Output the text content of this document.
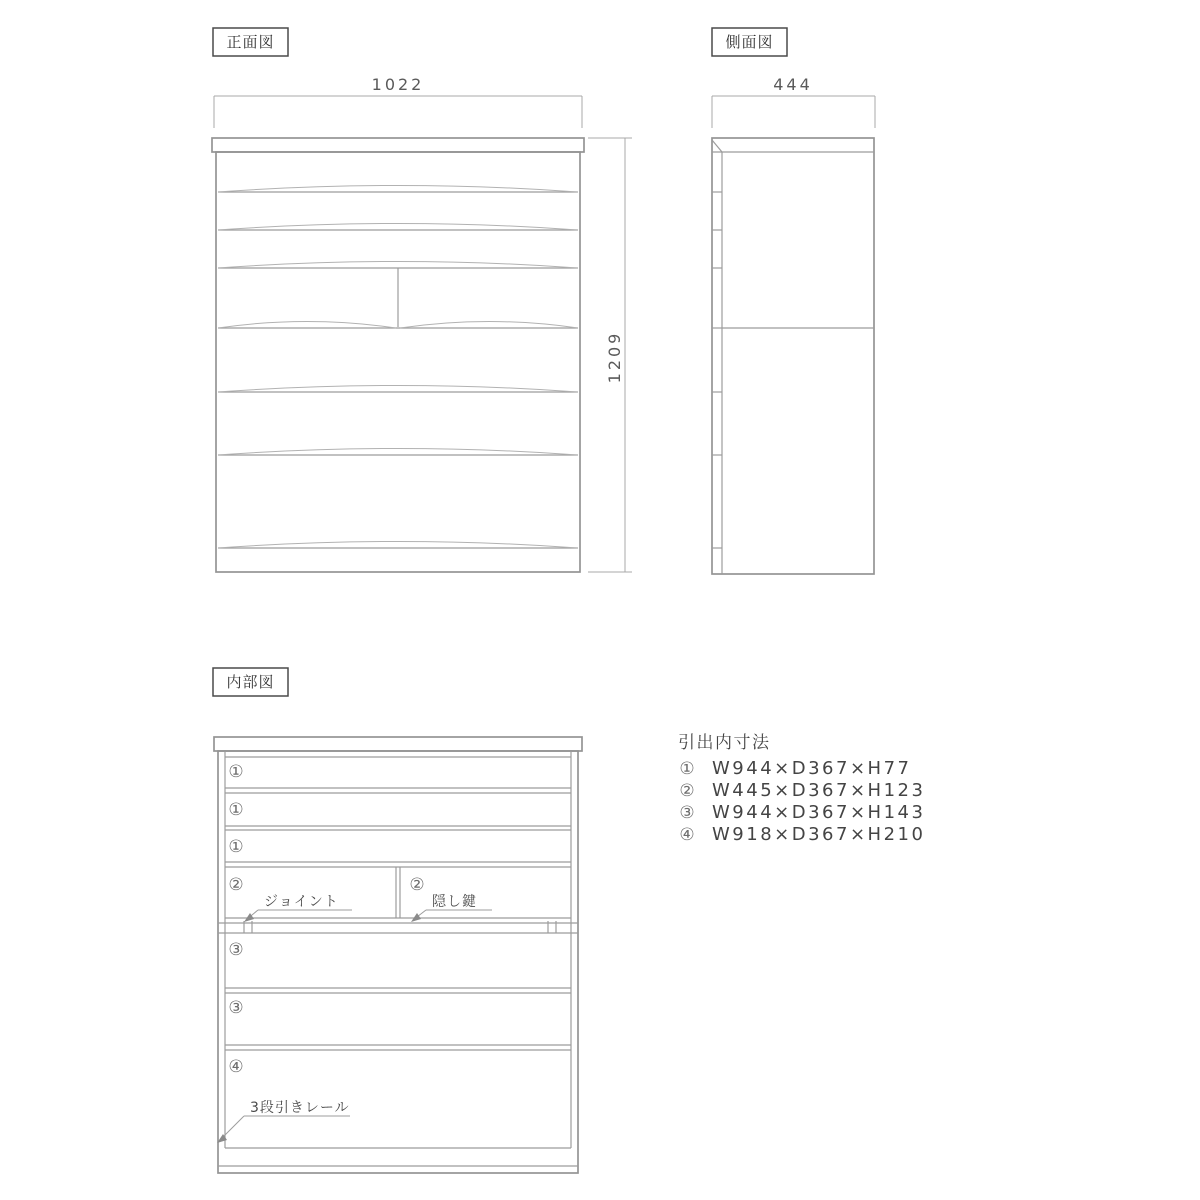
正面図
1022
1209
側面図
444
内部図
①
①
①
②	②
③
③
④
ジョイント	隠し鍵
3段引きレール
引出内寸法
① W944×D367×H77
② W445×D367×H123
③ W944×D367×H143
④ W918×D367×H210
